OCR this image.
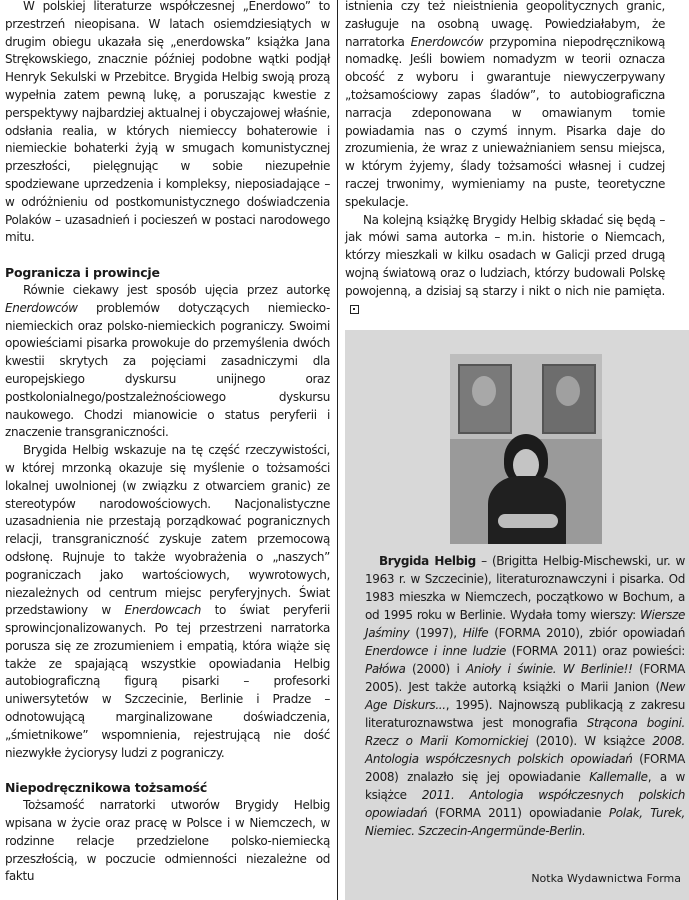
W polskiej literaturze współczesnej „Enerdowo” to przestrzeń nieopisana. W latach osiemdziesiątych w drugim obiegu ukazała się „enerdowska” książka Jana Strękowskiego, znacznie później podobne wątki podjął Henryk Sekulski w Przebitce. Brygida Helbig swoją prozą wypełnia zatem pewną lukę, a poruszając kwestie z perspektywy najbardziej aktualnej i obyczajowej właśnie, odsłania realia, w których niemieccy bohaterowie i niemieckie bohaterki żyją w smugach komunistycznej przeszłości, pielęgnując w sobie niezupełnie spodziewane uprzedzenia i kompleksy, nieposiadające – w odróżnieniu od postkomunistycznego doświadczenia Polaków – uzasadnień i pocieszeń w postaci narodowego mitu.

Pogranicza i prowincje

Równie ciekawy jest sposób ujęcia przez autorkę Enerdowców problemów dotyczących niemiecko-niemieckich oraz polsko-niemieckich pograniczy. Swoimi opowieściami pisarka prowokuje do przemyślenia dwóch kwestii skrytych za pojęciami zasadniczymi dla europejskiego dyskursu unijnego oraz postkolonialnego/postzależnościowego dyskursu naukowego. Chodzi mianowicie o status peryferii i znaczenie transgraniczności.

Brygida Helbig wskazuje na tę część rzeczywistości, w której mrzonką okazuje się myślenie o tożsamości lokalnej uwolnionej (w związku z otwarciem granic) ze stereotypów narodowościowych. Nacjonalistyczne uzasadnienia nie przestają porządkować pogranicznych relacji, transgraniczność zyskuje zatem przemocową odsłonę. Rujnuje to także wyobrażenia o „naszych” pograniczach jako wartościowych, wywrotowych, niezależnych od centrum miejsc peryferyjnych. Świat przedstawiony w Enerdowcach to świat peryferii sprowincjonalizowanych. Po tej przestrzeni narratorka porusza się ze zrozumieniem i empatią, która wiąże się także ze spajającą wszystkie opowiadania Helbig autobiograficzną figurą pisarki – profesorki uniwersytetów w Szczecinie, Berlinie i Pradze – odnotowującą marginalizowane doświadczenia, „śmietnikowe” wspomnienia, rejestrującą nie dość niezwykłe życiorysy ludzi z pograniczy.

Niepodręcznikowa tożsamość

Tożsamość narratorki utworów Brygidy Helbig wpisana w życie oraz pracę w Polsce i w Niemczech, w rodzinne relacje przedzielone polsko-niemiecką przeszłością, w poczucie odmienności niezależne od faktu

istnienia czy też nieistnienia geopolitycznych granic, zasługuje na osobną uwagę. Powiedziałabym, że narratorka Enerdowców przypomina niepodręcznikową nomadkę. Jeśli bowiem nomadyzm w teorii oznacza obcość z wyboru i gwarantuje niewyczerpywany „tożsamościowy zapas śladów”, to autobiograficzna narracja zdeponowana w omawianym tomie powiadamia nas o czymś innym. Pisarka daje do zrozumienia, że wraz z unieważnianiem sensu miejsca, w którym żyjemy, ślady tożsamości własnej i cudzej raczej trwonimy, wymieniamy na puste, teoretyczne spekulacje.

Na kolejną książkę Brygidy Helbig składać się będą – jak mówi sama autorka – m.in. historie o Niemcach, którzy mieszkali w kilku osadach w Galicji przed drugą wojną światową oraz o ludziach, którzy budowali Polskę powojenną, a dzisiaj są starzy i nikt o nich nie pamięta.

Brygida Helbig – (Brigitta Helbig-Mischewski, ur. w 1963 r. w Szczecinie), literaturoznawczyni i pisarka. Od 1983 mieszka w Niemczech, początkowo w Bochum, a od 1995 roku w Berlinie. Wydała tomy wierszy: Wiersze Jaśminy (1997), Hilfe (FORMA 2010), zbiór opowiadań Enerdowce i inne ludzie (FORMA 2011) oraz powieści: Pałówa (2000) i Anioły i świnie. W Berlinie!! (FORMA 2005). Jest także autorką książki o Marii Janion (New Age Diskurs..., 1995). Najnowszą publikacją z zakresu literaturoznawstwa jest monografia Strącona bogini. Rzecz o Marii Komornickiej (2010). W książce 2008. Antologia współczesnych polskich opowiadań (FORMA 2008) znalazło się jej opowiadanie Kallemalle, a w książce 2011. Antologia współczesnych polskich opowiadań (FORMA 2011) opowiadanie Polak, Turek, Niemiec. Szczecin-Angermünde-Berlin.

Notka Wydawnictwa Forma
